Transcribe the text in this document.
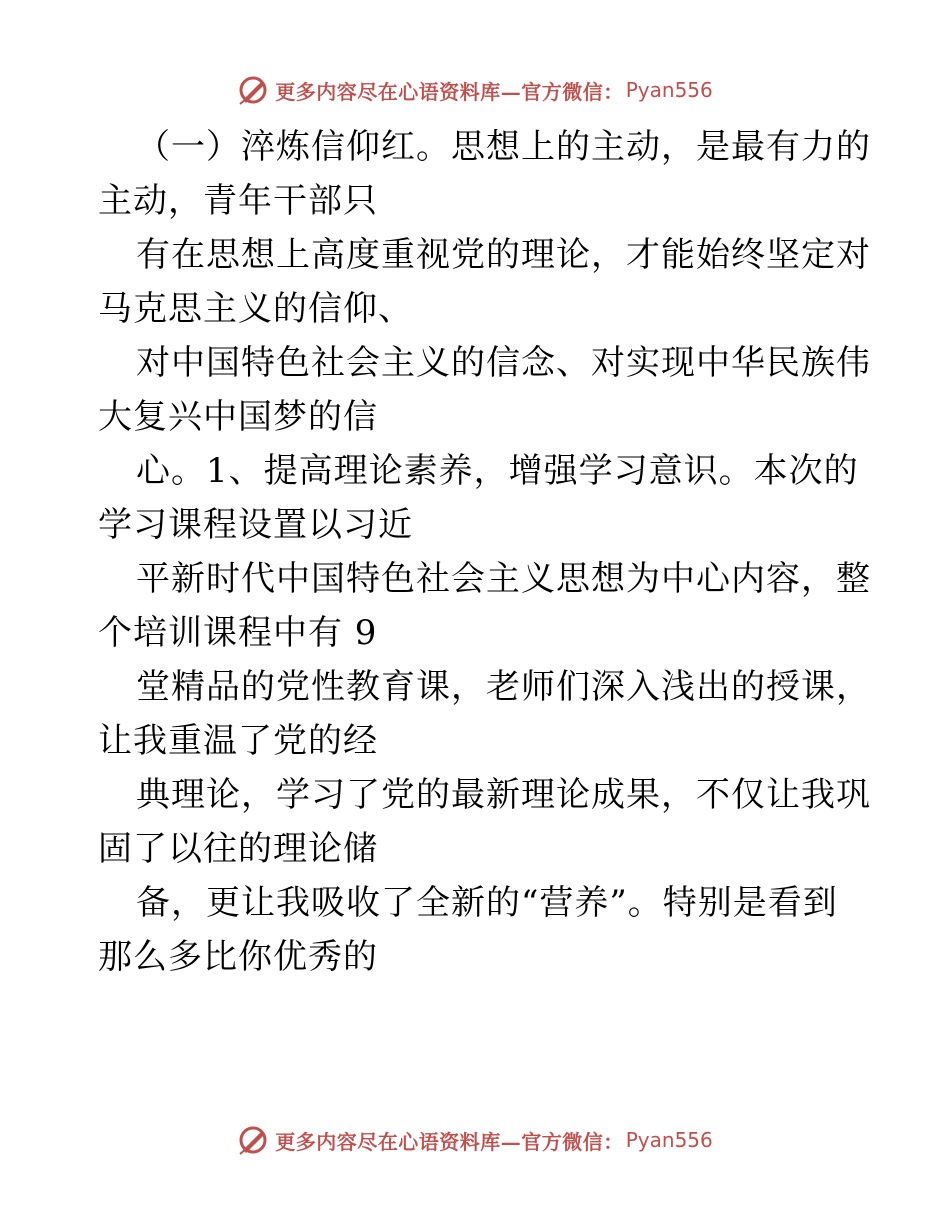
更多内容尽在心语资料库—官方微信： Pyan556
（一）淬炼信仰红。思想上的主动，是最有力的
主动，青年干部只
有在思想上高度重视党的理论，才能始终坚定对
马克思主义的信仰、
对中国特色社会主义的信念、对实现中华民族伟
大复兴中国梦的信
心。1、提高理论素养，增强学习意识。本次的
学习课程设置以习近
平新时代中国特色社会主义思想为中心内容，整
个培训课程中有 9
堂精品的党性教育课，老师们深入浅出的授课，
让我重温了党的经
典理论，学习了党的最新理论成果，不仅让我巩
固了以往的理论储
备，更让我吸收了全新的“营养”。特别是看到
那么多比你优秀的
更多内容尽在心语资料库—官方微信： Pyan556
